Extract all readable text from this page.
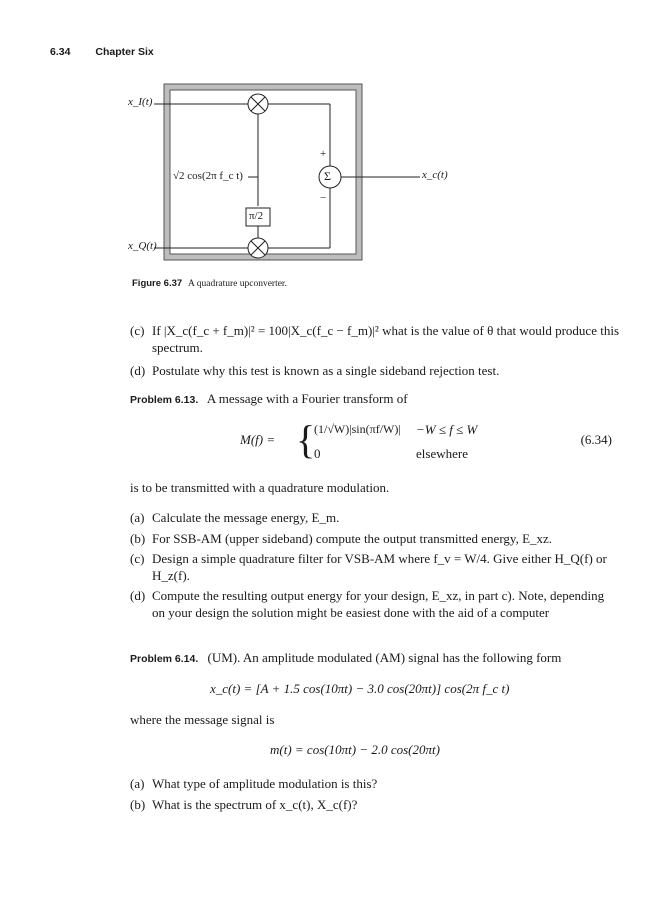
6.34 Chapter Six
x_I(t)
x_Q(t)
√2 cos(2π f_c t)
π/2
Σ
+
−
x_c(t)
Figure 6.37 A quadrature upconverter.
(c) If |X_c(f_c + f_m)|² = 100|X_c(f_c − f_m)|² what is the value of θ that would produce this spectrum.
(d) Postulate why this test is known as a single sideband rejection test.
Problem 6.13. A message with a Fourier transform of
M(f) = {
(1/√W)|sin(πf/W)| −W ≤ f ≤ W
0	elsewhere
(6.34)
is to be transmitted with a quadrature modulation.
(a) Calculate the message energy, E_m.
(b) For SSB-AM (upper sideband) compute the output transmitted energy, E_xz.
(c) Design a simple quadrature filter for VSB-AM where f_v = W/4. Give either H_Q(f) or H_z(f).
(d) Compute the resulting output energy for your design, E_xz, in part c). Note, depending on your design the solution might be easiest done with the aid of a computer
Problem 6.14. (UM). An amplitude modulated (AM) signal has the following form
x_c(t) = [A + 1.5 cos(10πt) − 3.0 cos(20πt)] cos(2π f_c t)
where the message signal is
m(t) = cos(10πt) − 2.0 cos(20πt)
(a) What type of amplitude modulation is this?
(b) What is the spectrum of x_c(t), X_c(f)?
